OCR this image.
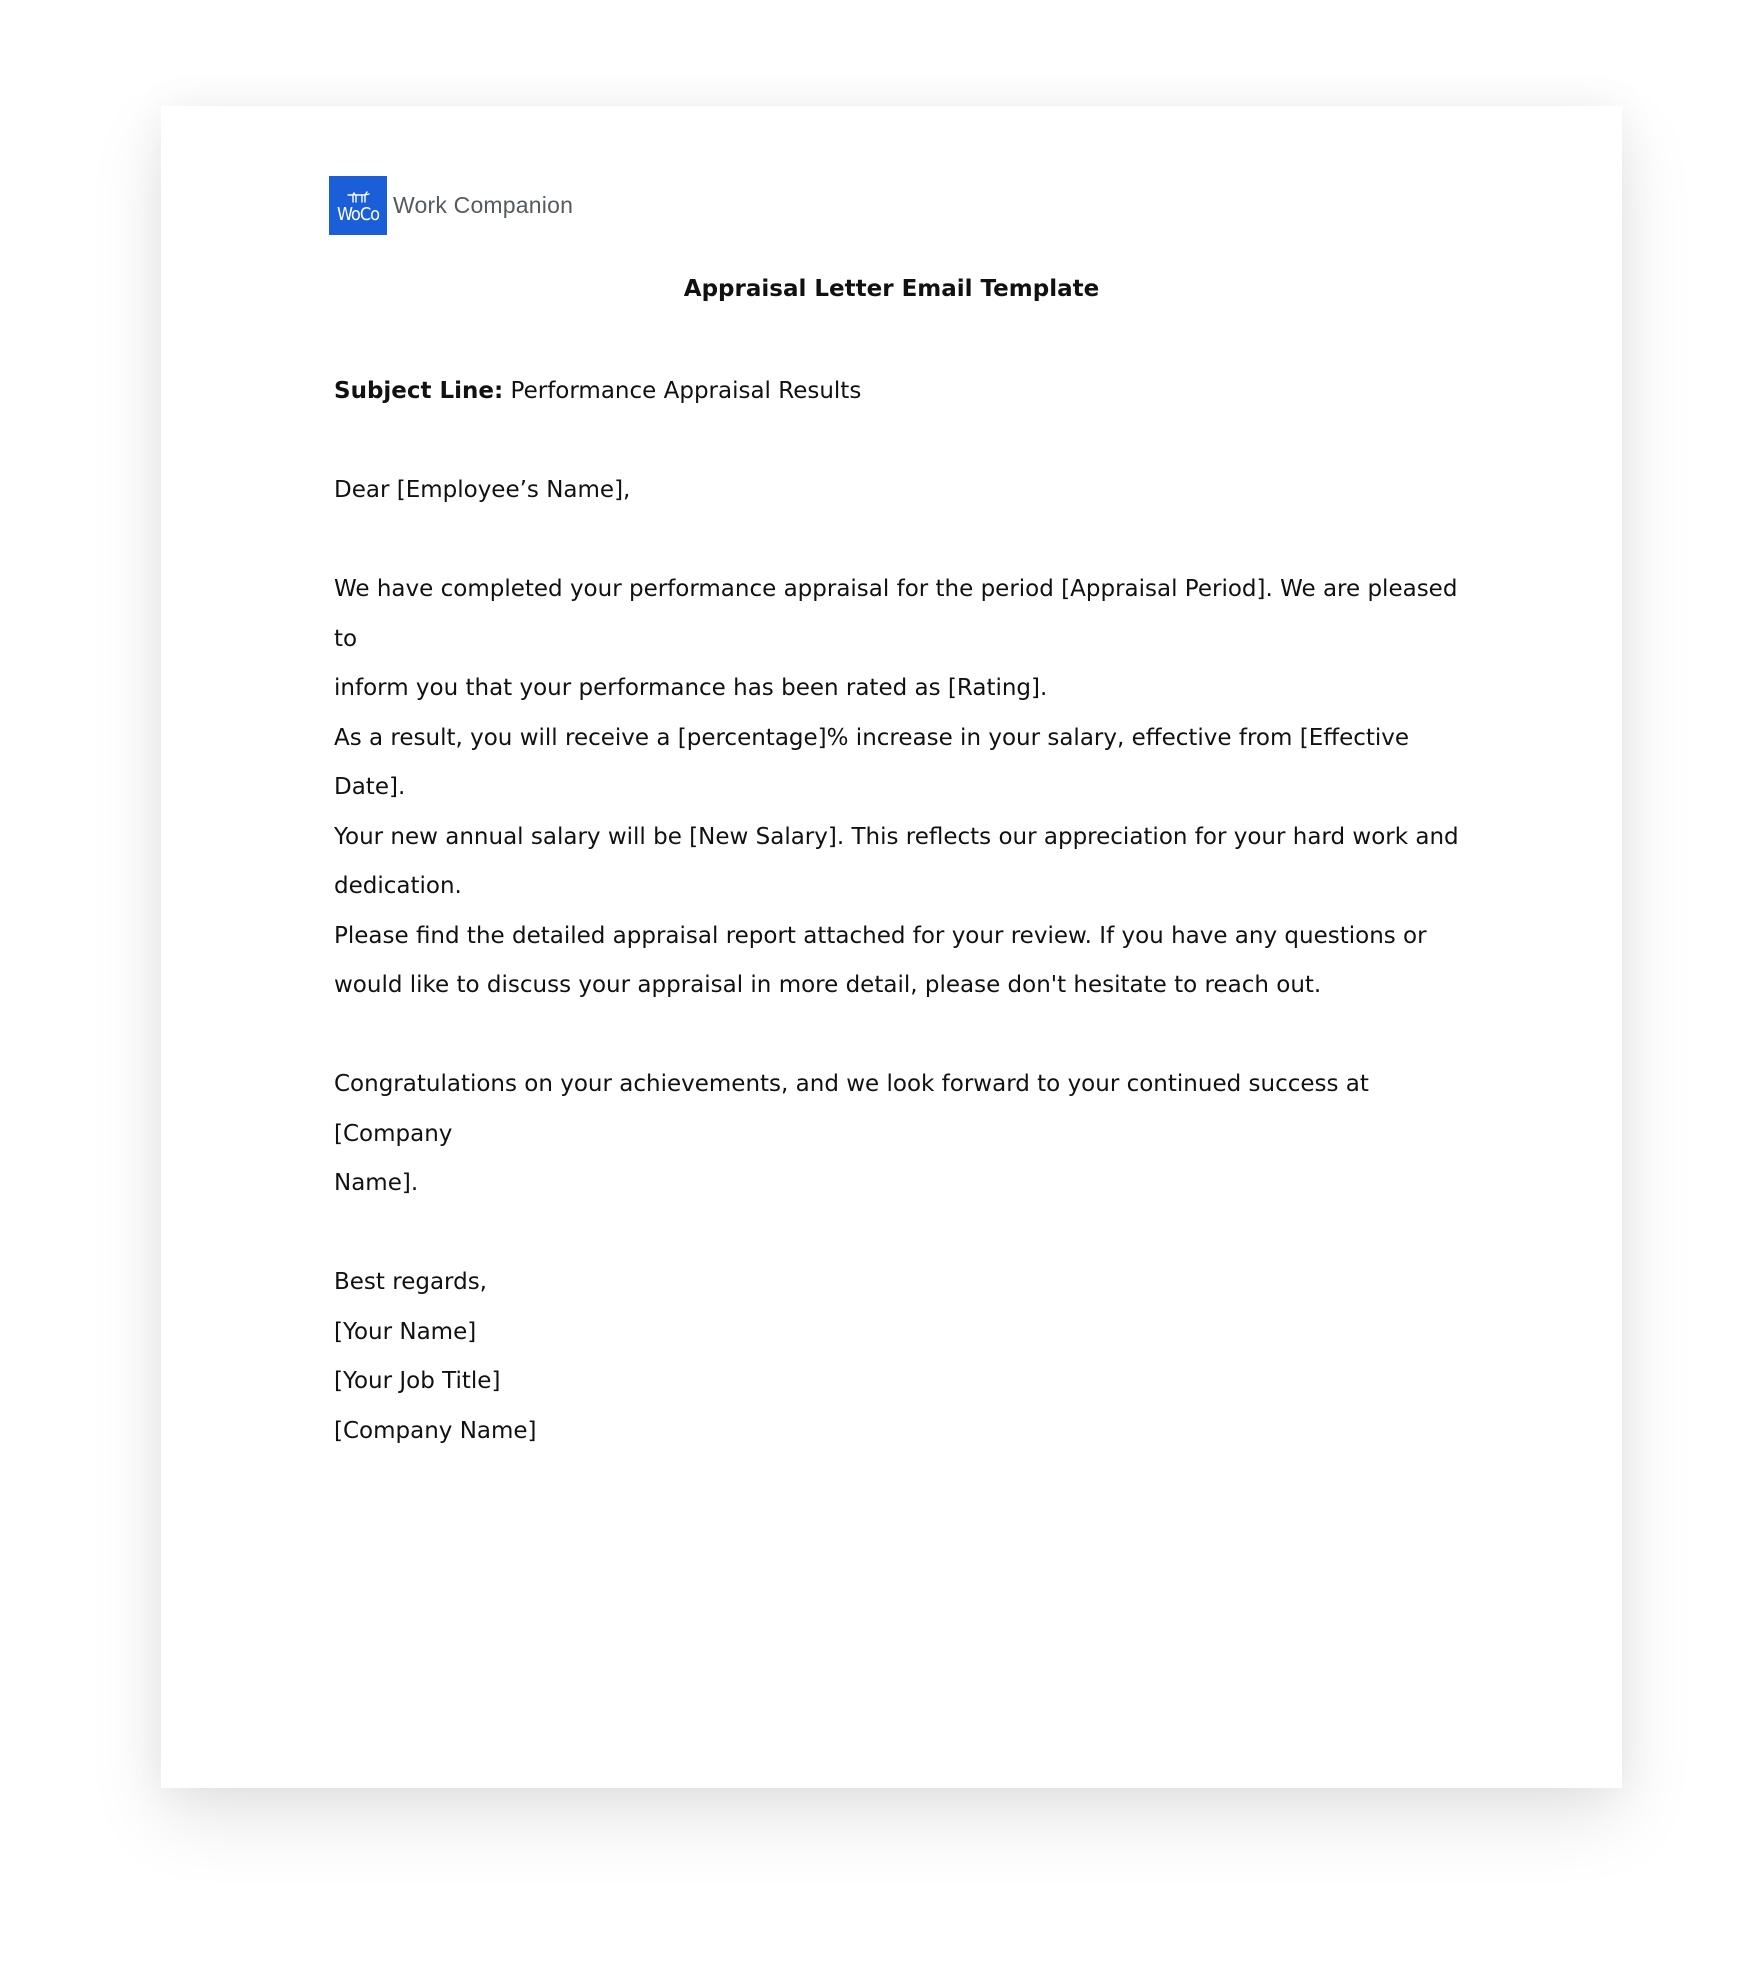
WoCo Work Companion
Appraisal Letter Email Template

Subject Line: Performance Appraisal Results

Dear [Employee’s Name],

We have completed your performance appraisal for the period [Appraisal Period]. We are pleased to

inform you that your performance has been rated as [Rating].

As a result, you will receive a [percentage]% increase in your salary, effective from [Effective Date].

Your new annual salary will be [New Salary]. This reflects our appreciation for your hard work and

dedication.

Please find the detailed appraisal report attached for your review. If you have any questions or

would like to discuss your appraisal in more detail, please don't hesitate to reach out.

Congratulations on your achievements, and we look forward to your continued success at [Company

Name].

Best regards,

[Your Name]

[Your Job Title]

[Company Name]
